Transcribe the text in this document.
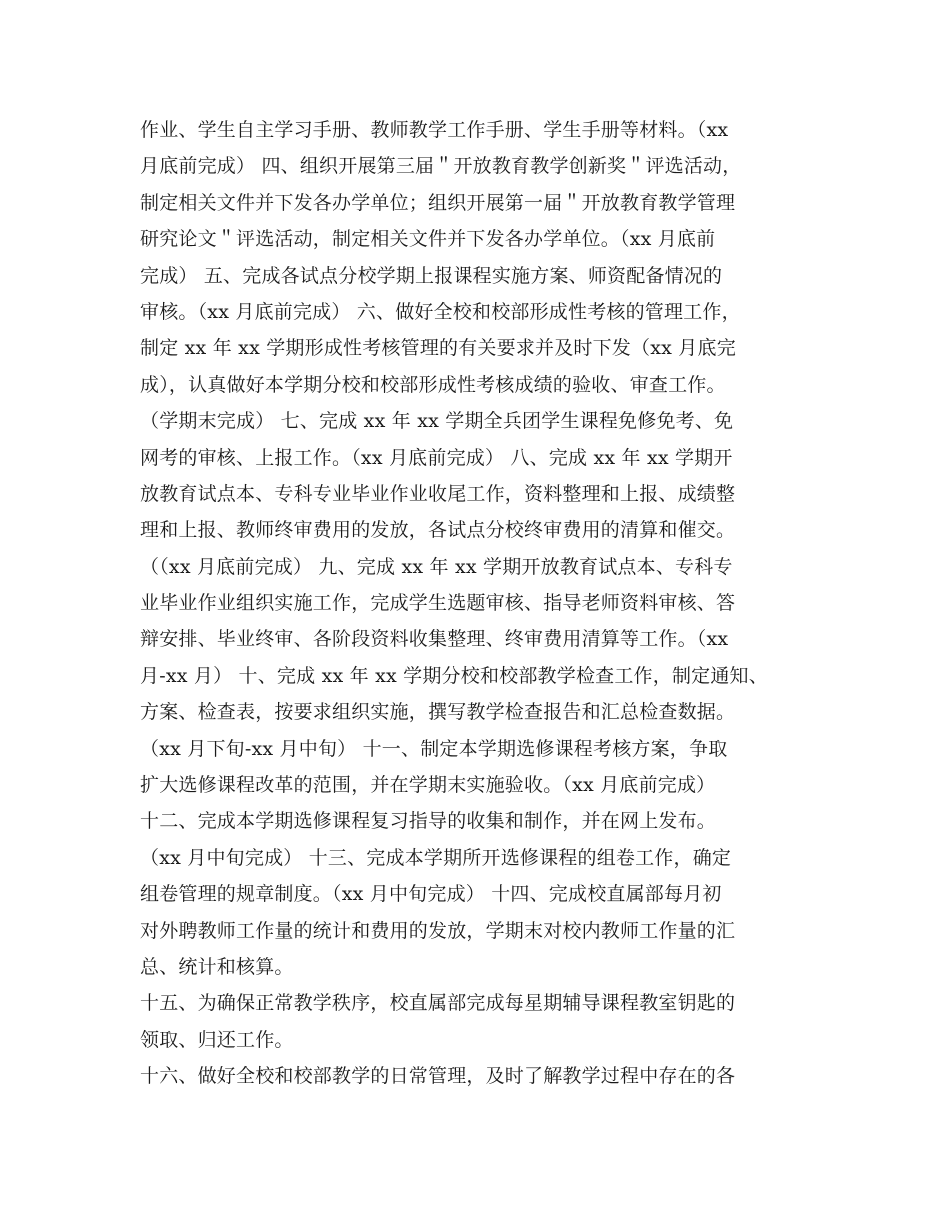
作业、学生自主学习手册、教师教学工作手册、学生手册等材料。（xx
月底前完成） 四、组织开展第三届＂开放教育教学创新奖＂评选活动，
制定相关文件并下发各办学单位；组织开展第一届＂开放教育教学管理
研究论文＂评选活动，制定相关文件并下发各办学单位。（xx 月底前
完成） 五、完成各试点分校学期上报课程实施方案、师资配备情况的
审核。（xx 月底前完成） 六、做好全校和校部形成性考核的管理工作，
制定 xx 年 xx 学期形成性考核管理的有关要求并及时下发（xx 月底完
成），认真做好本学期分校和校部形成性考核成绩的验收、审查工作。
（学期末完成） 七、完成 xx 年 xx 学期全兵团学生课程免修免考、免
网考的审核、上报工作。（xx 月底前完成） 八、完成 xx 年 xx 学期开
放教育试点本、专科专业毕业作业收尾工作，资料整理和上报、成绩整
理和上报、教师终审费用的发放，各试点分校终审费用的清算和催交。
（（xx 月底前完成） 九、完成 xx 年 xx 学期开放教育试点本、专科专
业毕业作业组织实施工作，完成学生选题审核、指导老师资料审核、答
辩安排、毕业终审、各阶段资料收集整理、终审费用清算等工作。（xx
月-xx 月） 十、完成 xx 年 xx 学期分校和校部教学检查工作，制定通知、
方案、检查表，按要求组织实施，撰写教学检查报告和汇总检查数据。
（xx 月下旬-xx 月中旬） 十一、制定本学期选修课程考核方案，争取
扩大选修课程改革的范围，并在学期末实施验收。（xx 月底前完成）
十二、完成本学期选修课程复习指导的收集和制作，并在网上发布。
（xx 月中旬完成） 十三、完成本学期所开选修课程的组卷工作，确定
组卷管理的规章制度。（xx 月中旬完成） 十四、完成校直属部每月初
对外聘教师工作量的统计和费用的发放，学期末对校内教师工作量的汇
总、统计和核算。
十五、为确保正常教学秩序，校直属部完成每星期辅导课程教室钥匙的
领取、归还工作。
十六、做好全校和校部教学的日常管理，及时了解教学过程中存在的各
